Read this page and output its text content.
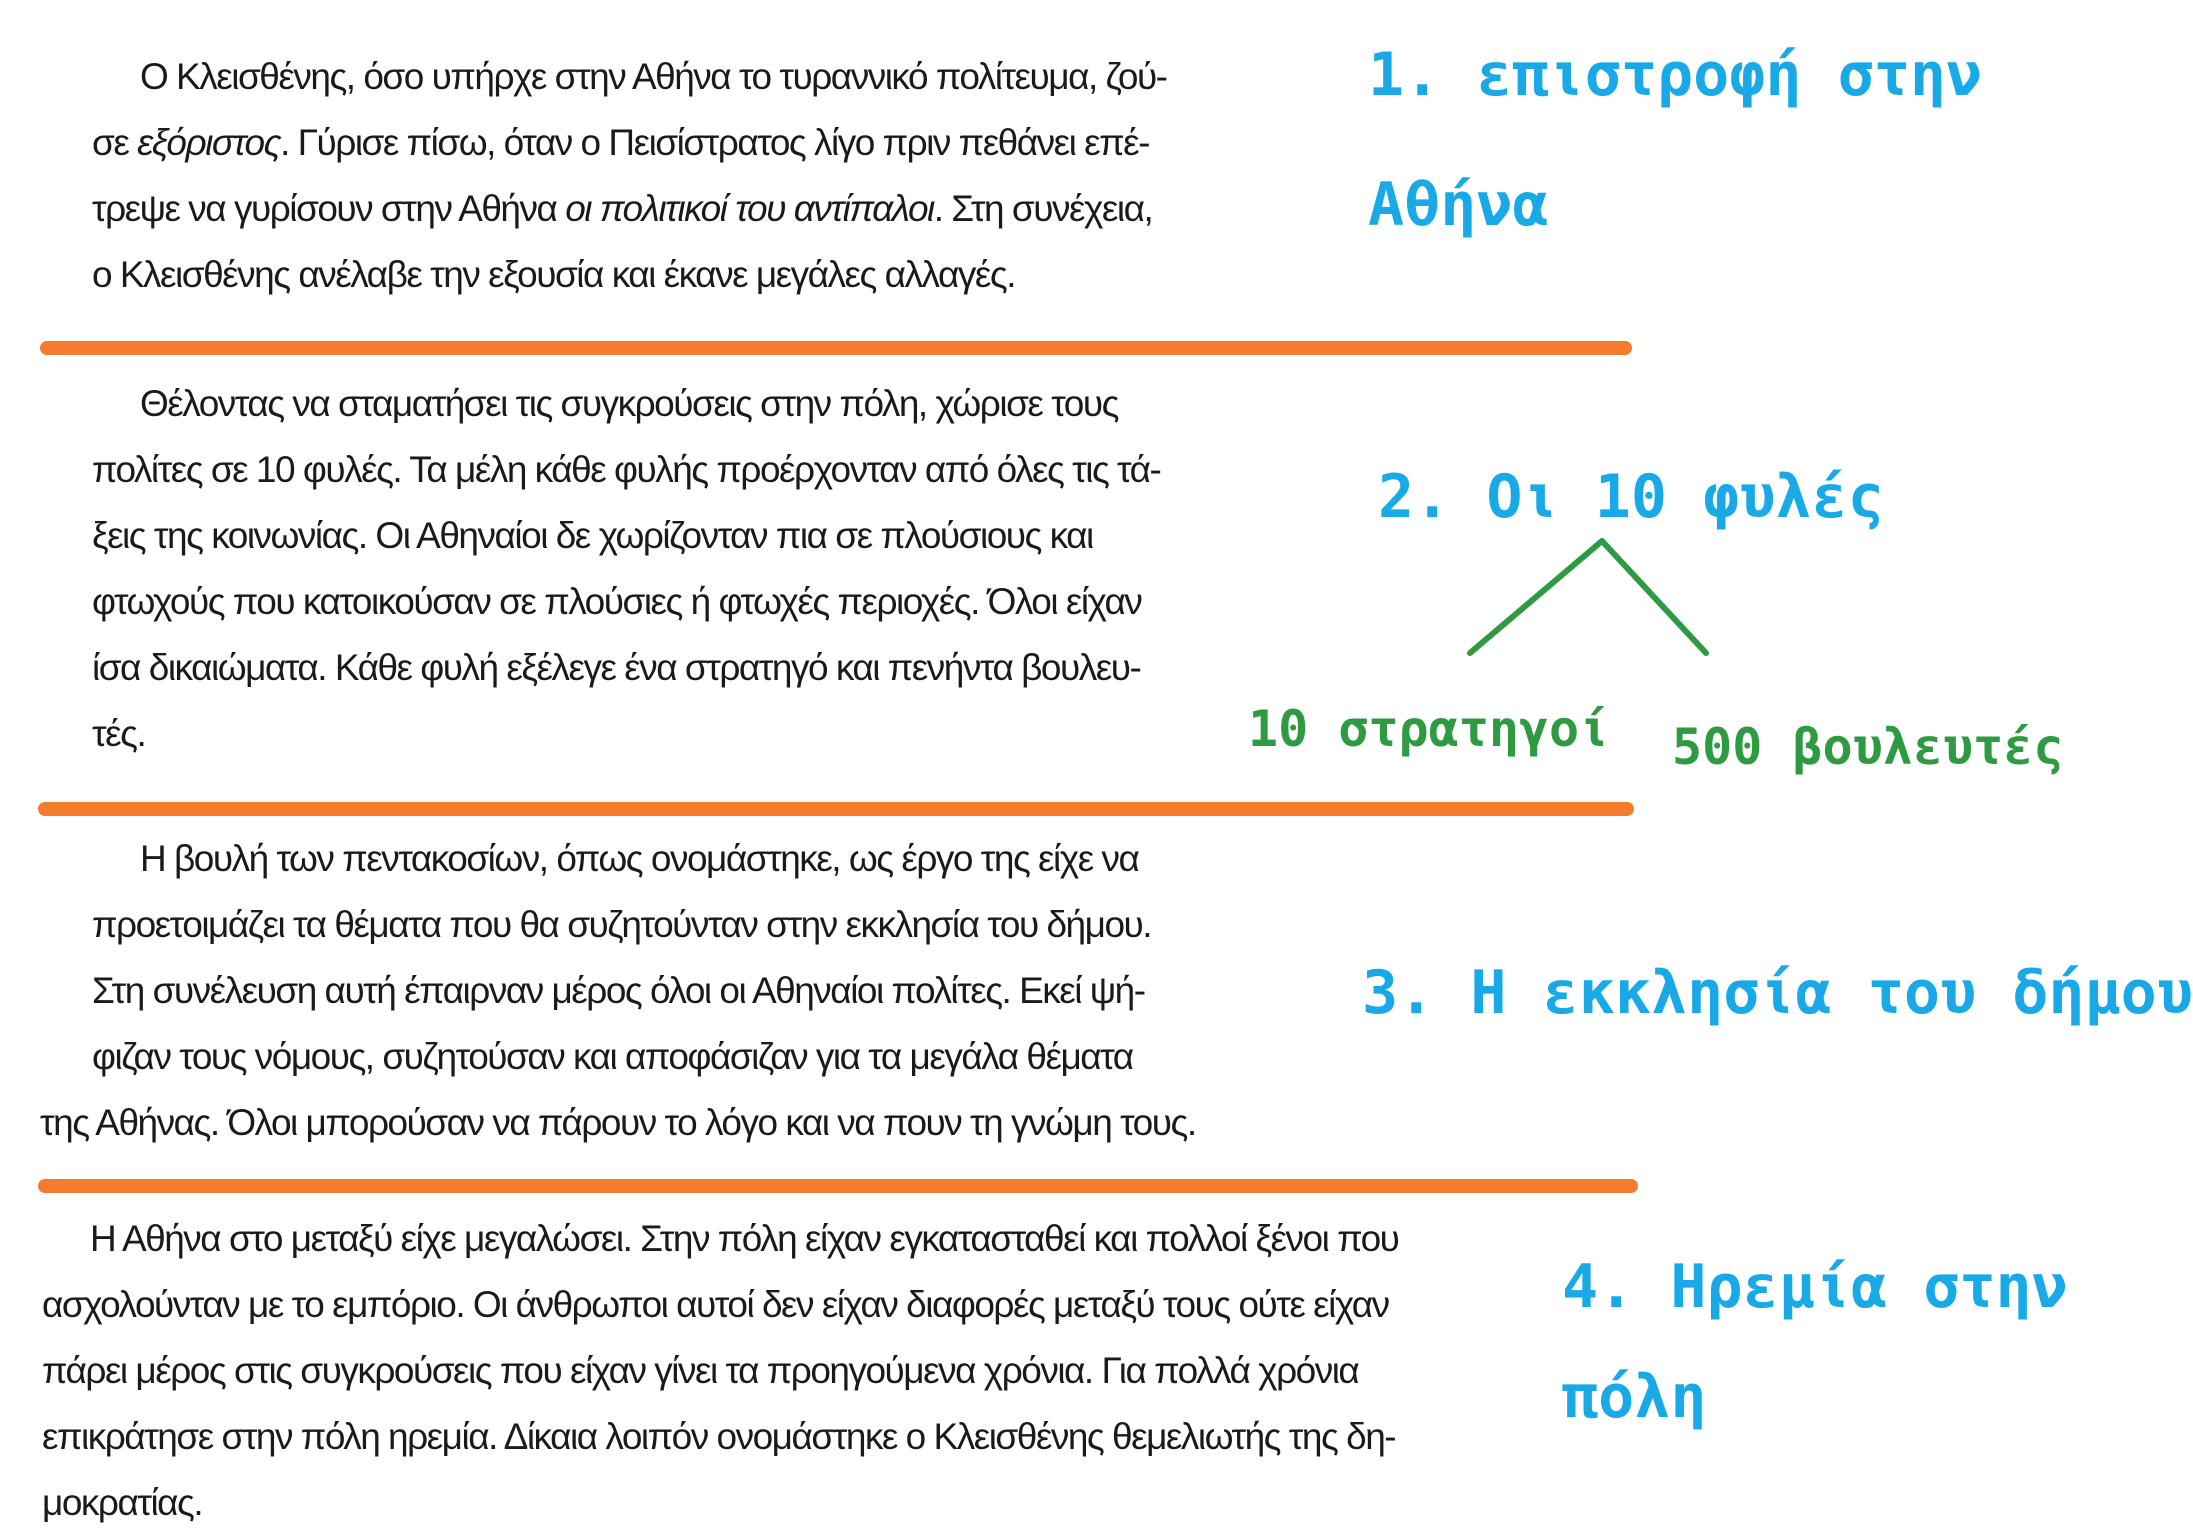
Ο Κλεισθένης, όσο υπήρχε στην Αθήνα το τυραννικό πολίτευμα, ζού-
σε εξόριστος. Γύρισε πίσω, όταν ο Πεισίστρατος λίγο πριν πεθάνει επέ-
τρεψε να γυρίσουν στην Αθήνα οι πολιτικοί του αντίπαλοι. Στη συνέχεια,
ο Κλεισθένης ανέλαβε την εξουσία και έκανε μεγάλες αλλαγές.
Θέλοντας να σταματήσει τις συγκρούσεις στην πόλη, χώρισε τους
πολίτες σε 10 φυλές. Τα μέλη κάθε φυλής προέρχονταν από όλες τις τά-
ξεις της κοινωνίας. Οι Αθηναίοι δε χωρίζονταν πια σε πλούσιους και
φτωχούς που κατοικούσαν σε πλούσιες ή φτωχές περιοχές. Όλοι είχαν
ίσα δικαιώματα. Κάθε φυλή εξέλεγε ένα στρατηγό και πενήντα βουλευ-
τές.
Η βουλή των πεντακοσίων, όπως ονομάστηκε, ως έργο της είχε να
προετοιμάζει τα θέματα που θα συζητούνταν στην εκκλησία του δήμου.
Στη συνέλευση αυτή έπαιρναν μέρος όλοι οι Αθηναίοι πολίτες. Εκεί ψή-
φιζαν τους νόμους, συζητούσαν και αποφάσιζαν για τα μεγάλα θέματα
της Αθήνας. Όλοι μπορούσαν να πάρουν το λόγο και να πουν τη γνώμη τους.
Η Αθήνα στο μεταξύ είχε μεγαλώσει. Στην πόλη είχαν εγκατασταθεί και πολλοί ξένοι που
ασχολούνταν με το εμπόριο. Οι άνθρωποι αυτοί δεν είχαν διαφορές μεταξύ τους ούτε είχαν
πάρει μέρος στις συγκρούσεις που είχαν γίνει τα προηγούμενα χρόνια. Για πολλά χρόνια
επικράτησε στην πόλη ηρεμία. Δίκαια λοιπόν ονομάστηκε ο Κλεισθένης θεμελιωτής της δη-
μοκρατίας.
1. επιστροφή στην
Αθήνα
2. Οι 10 φυλές
10 στρατηγοί 500 βουλευτές
3. Η εκκλησία του δήμου
4. Ηρεμία στην
πόλη
